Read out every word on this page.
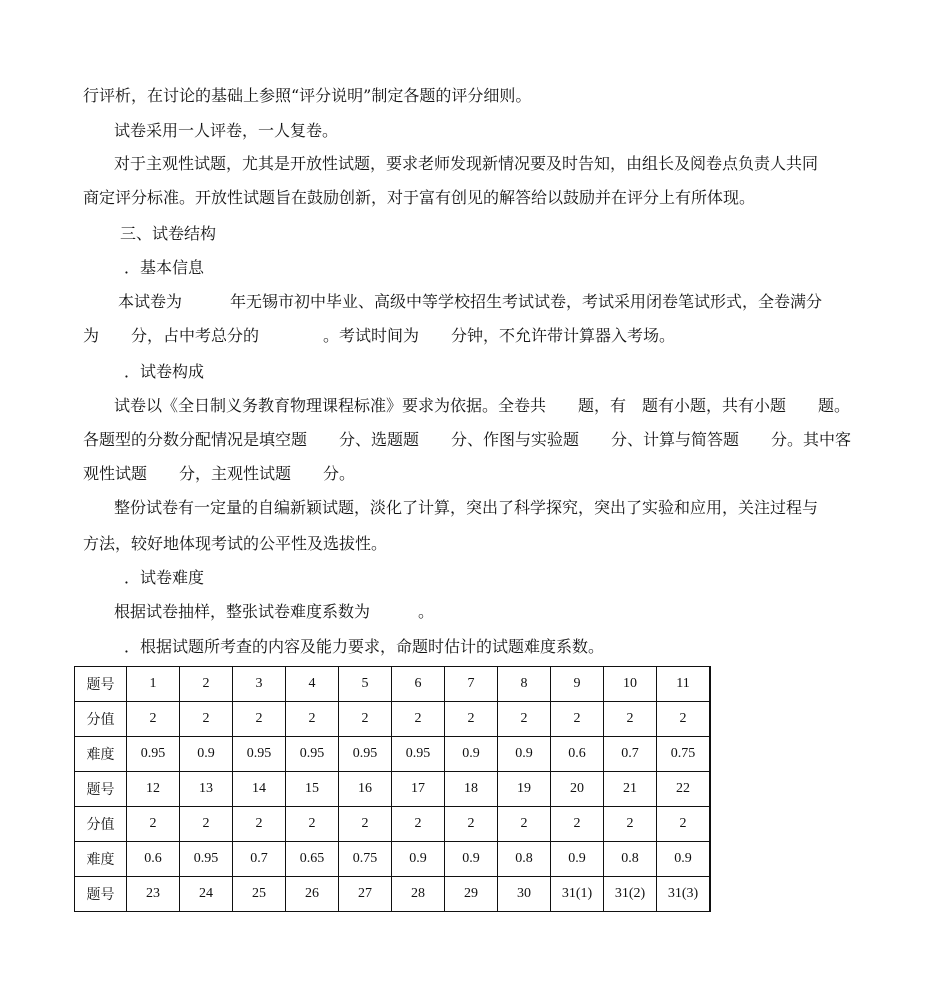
行评析，在讨论的基础上参照“评分说明”制定各题的评分细则。
试卷采用一人评卷，一人复卷。
对于主观性试题，尤其是开放性试题，要求老师发现新情况要及时告知，由组长及阅卷点负责人共同
商定评分标准。开放性试题旨在鼓励创新，对于富有创见的解答给以鼓励并在评分上有所体现。
三、试卷结构
．基本信息
本试卷为　　　年无锡市初中毕业、高级中等学校招生考试试卷，考试采用闭卷笔试形式，全卷满分
为　　分，占中考总分的　　　　。考试时间为　　分钟，不允许带计算器入考场。
．试卷构成
试卷以《全日制义务教育物理课程标准》要求为依据。全卷共　　题，有　题有小题，共有小题　　题。
各题型的分数分配情况是填空题　　分、选题题　　分、作图与实验题　　分、计算与简答题　　分。其中客
观性试题　　分，主观性试题　　分。
整份试卷有一定量的自编新颖试题，淡化了计算，突出了科学探究，突出了实验和应用，关注过程与
方法，较好地体现考试的公平性及选拔性。
．试卷难度
根据试卷抽样，整张试卷难度系数为　　　。
．根据试题所考查的内容及能力要求，命题时估计的试题难度系数。
题号	1	2	3	4	5	6	7	8	9	10	11
分值	2	2	2	2	2	2	2	2	2	2	2
难度	0.95	0.9	0.95	0.95	0.95	0.95	0.9	0.9	0.6	0.7	0.75
题号	12	13	14	15	16	17	18	19	20	21	22
分值	2	2	2	2	2	2	2	2	2	2	2
难度	0.6	0.95	0.7	0.65	0.75	0.9	0.9	0.8	0.9	0.8	0.9
题号	23	24	25	26	27	28	29	30	31(1)	31(2)	31(3)
